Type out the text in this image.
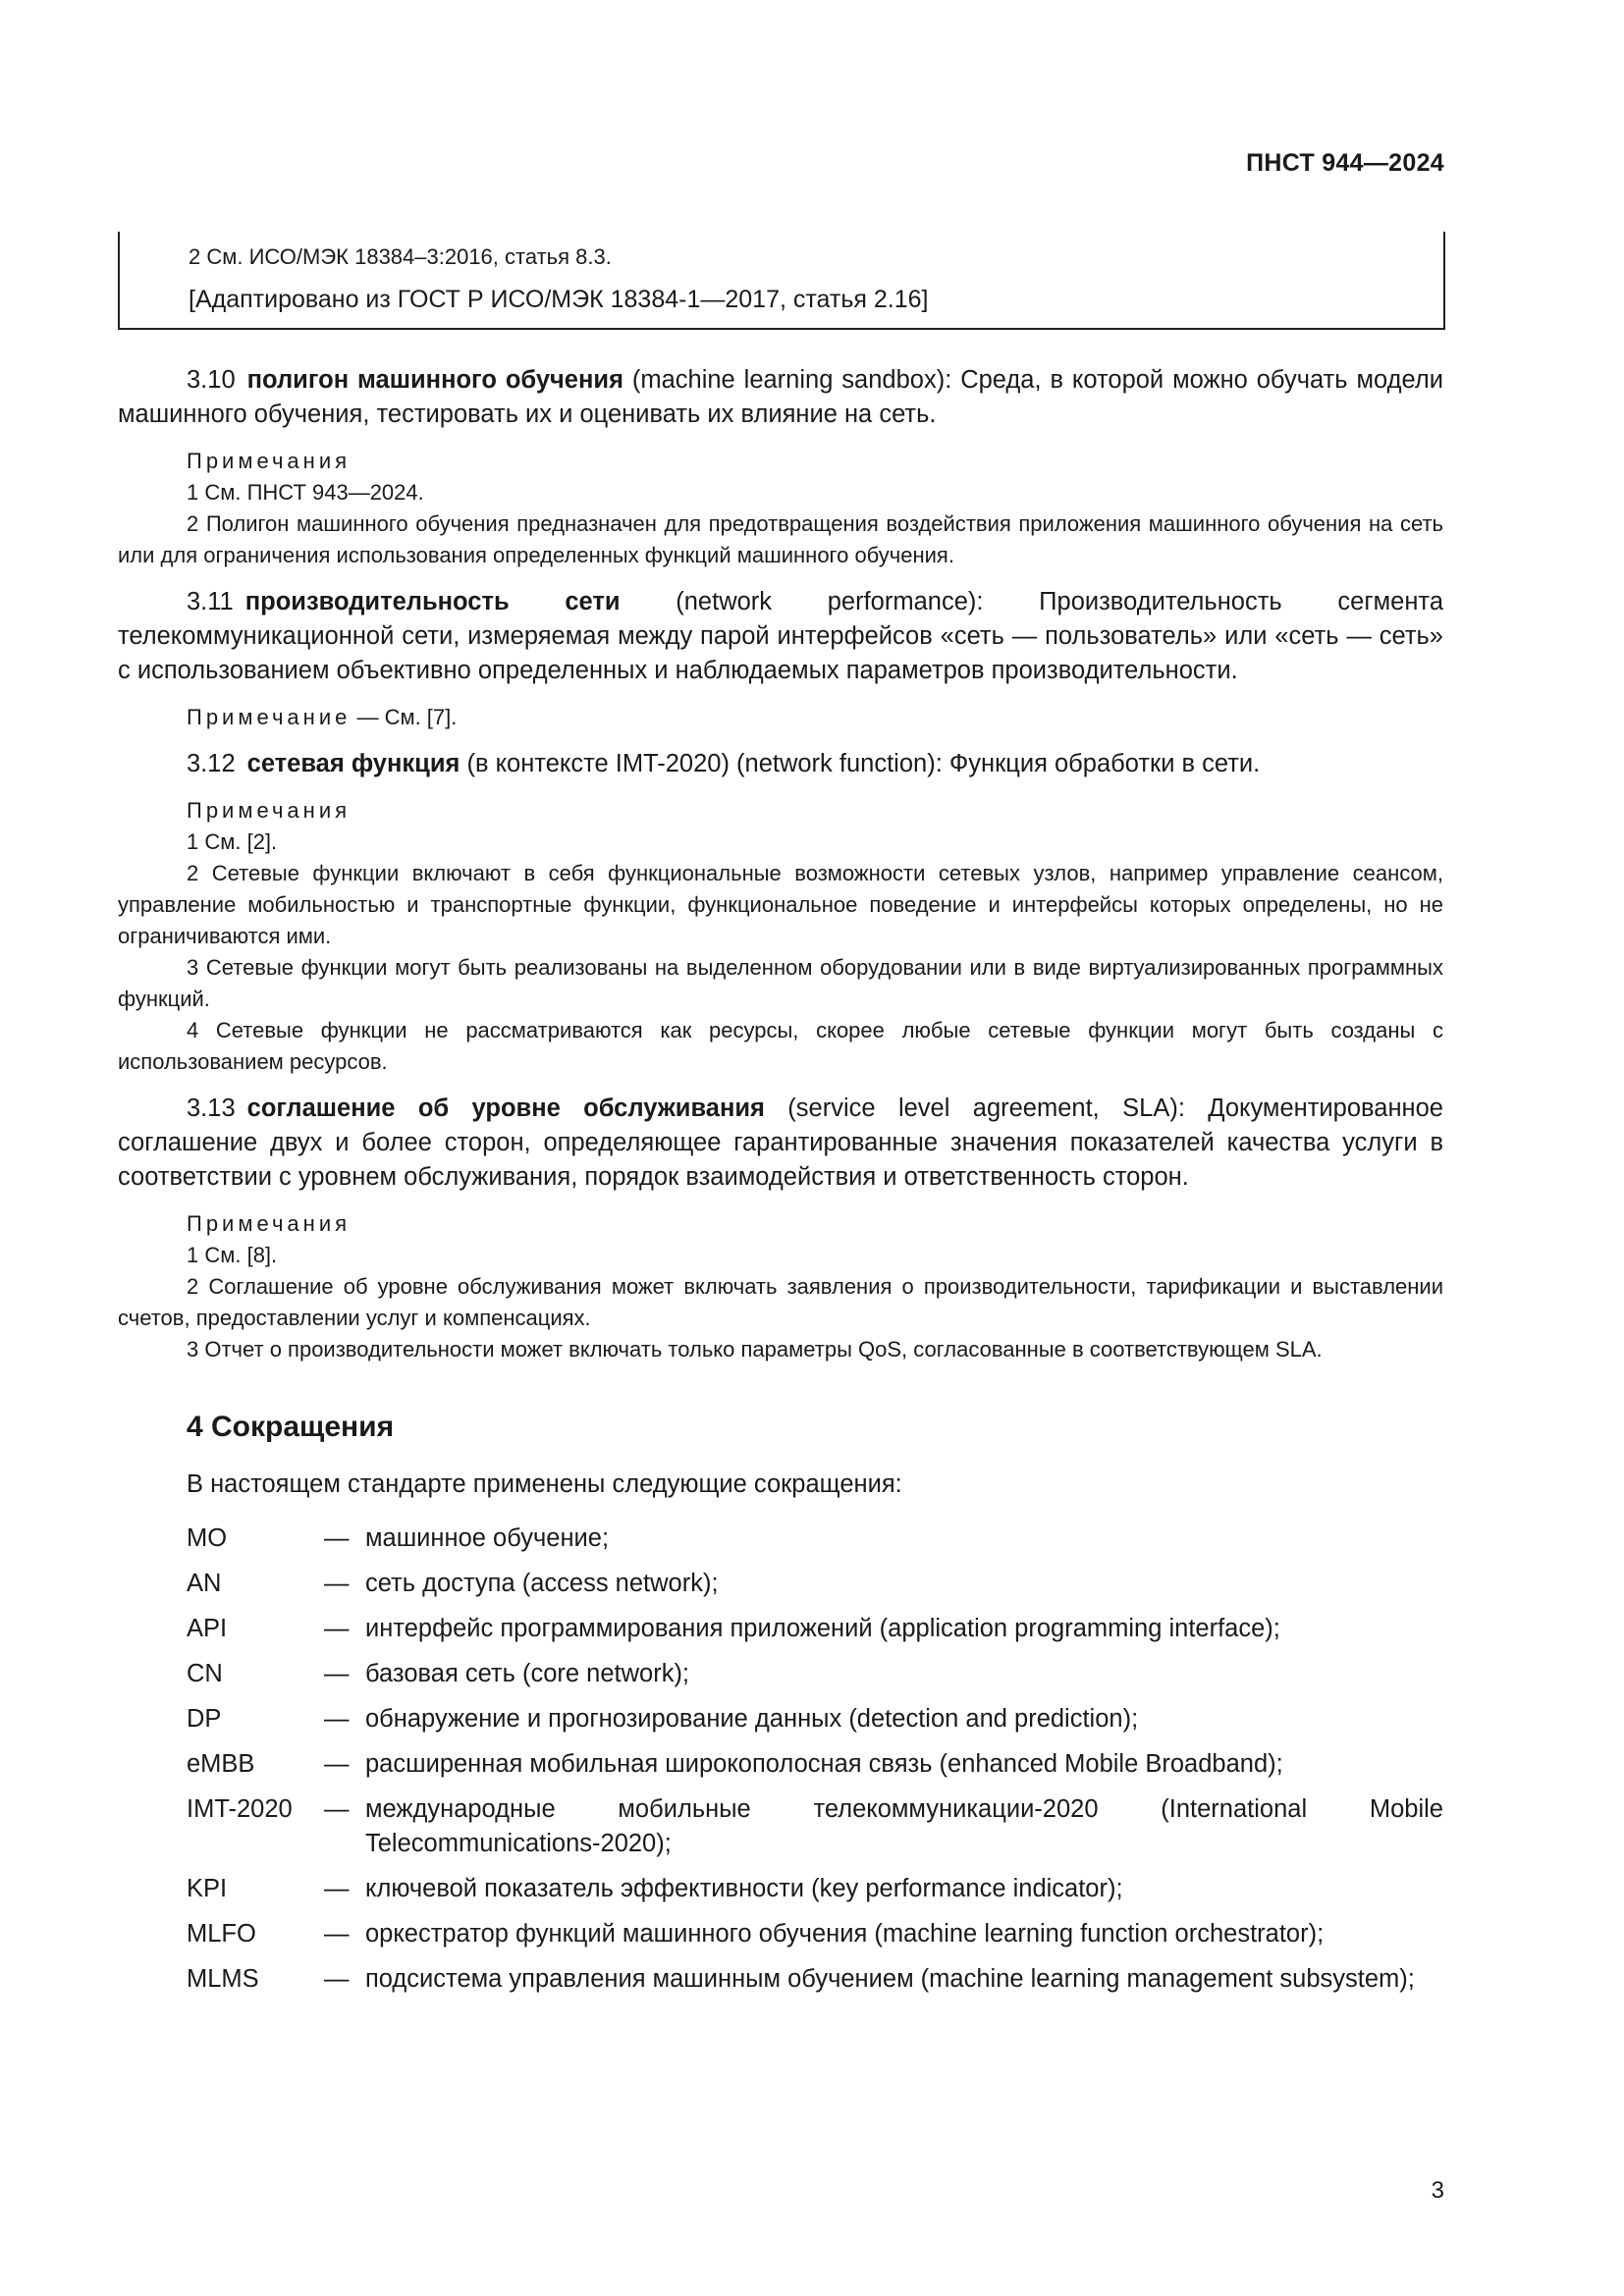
ПНСТ 944—2024
2 См. ИСО/МЭК 18384–3:2016, статья 8.3.
[Адаптировано из ГОСТ Р ИСО/МЭК 18384-1—2017, статья 2.16]

3.10 полигон машинного обучения (machine learning sandbox): Среда, в которой можно обучать модели машинного обучения, тестировать их и оценивать их влияние на сеть.

Примечания
1 См. ПНСТ 943—2024.
2 Полигон машинного обучения предназначен для предотвращения воздействия приложения машинного обучения на сеть или для ограничения использования определенных функций машинного обучения.

3.11 производительность сети (network performance): Производительность сегмента телекоммуникационной сети, измеряемая между парой интерфейсов «сеть — пользователь» или «сеть — сеть» с использованием объективно определенных и наблюдаемых параметров производительности.

Примечание — См. [7].

3.12 сетевая функция (в контексте IMT-2020) (network function): Функция обработки в сети.

Примечания
1 См. [2].
2 Сетевые функции включают в себя функциональные возможности сетевых узлов, например управление сеансом, управление мобильностью и транспортные функции, функциональное поведение и интерфейсы которых определены, но не ограничиваются ими.
3 Сетевые функции могут быть реализованы на выделенном оборудовании или в виде виртуализированных программных функций.
4 Сетевые функции не рассматриваются как ресурсы, скорее любые сетевые функции могут быть созданы с использованием ресурсов.

3.13 соглашение об уровне обслуживания (service level agreement, SLA): Документированное соглашение двух и более сторон, определяющее гарантированные значения показателей качества услуги в соответствии с уровнем обслуживания, порядок взаимодействия и ответственность сторон.

Примечания
1 См. [8].
2 Соглашение об уровне обслуживания может включать заявления о производительности, тарификации и выставлении счетов, предоставлении услуг и компенсациях.
3 Отчет о производительности может включать только параметры QoS, согласованные в соответствующем SLA.
4 Сокращения
В настоящем стандарте применены следующие сокращения:
MO	— машинное обучение;
AN	— сеть доступа (access network);
API	— интерфейс программирования приложений (application programming interface);
CN	— базовая сеть (core network);
DP	— обнаружение и прогнозирование данных (detection and prediction);
eMBB	— расширенная мобильная широкополосная связь (enhanced Mobile Broadband);
IMT-2020	— международные мобильные телекоммуникации-2020 (International Mobile Telecommunications-2020);
KPI	— ключевой показатель эффективности (key performance indicator);
MLFO	— оркестратор функций машинного обучения (machine learning function orchestrator);
MLMS	— подсистема управления машинным обучением (machine learning management subsystem);
3
